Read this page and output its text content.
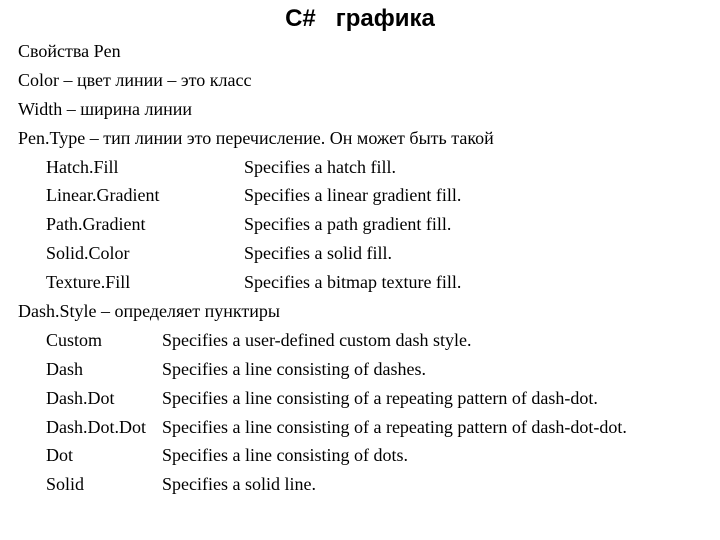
C#   графика
Свойства Pen
Color – цвет линии – это класс
Width – ширина линии
Pen.Type – тип линии это перечисление. Он может быть такой
Hatch.Fill	Specifies a hatch fill.
Linear.Gradient	Specifies a linear gradient fill.
Path.Gradient	Specifies a path gradient fill.
Solid.Color	Specifies a solid fill.
Texture.Fill	Specifies a bitmap texture fill.
Dash.Style – определяет пунктиры
Custom	Specifies a user-defined custom dash style.
Dash	Specifies a line consisting of dashes.
Dash.Dot	Specifies a line consisting of a repeating pattern of dash-dot.
Dash.Dot.Dot Specifies a line consisting of a repeating pattern of dash-dot-dot.
Dot	Specifies a line consisting of dots.
Solid	Specifies a solid line.
